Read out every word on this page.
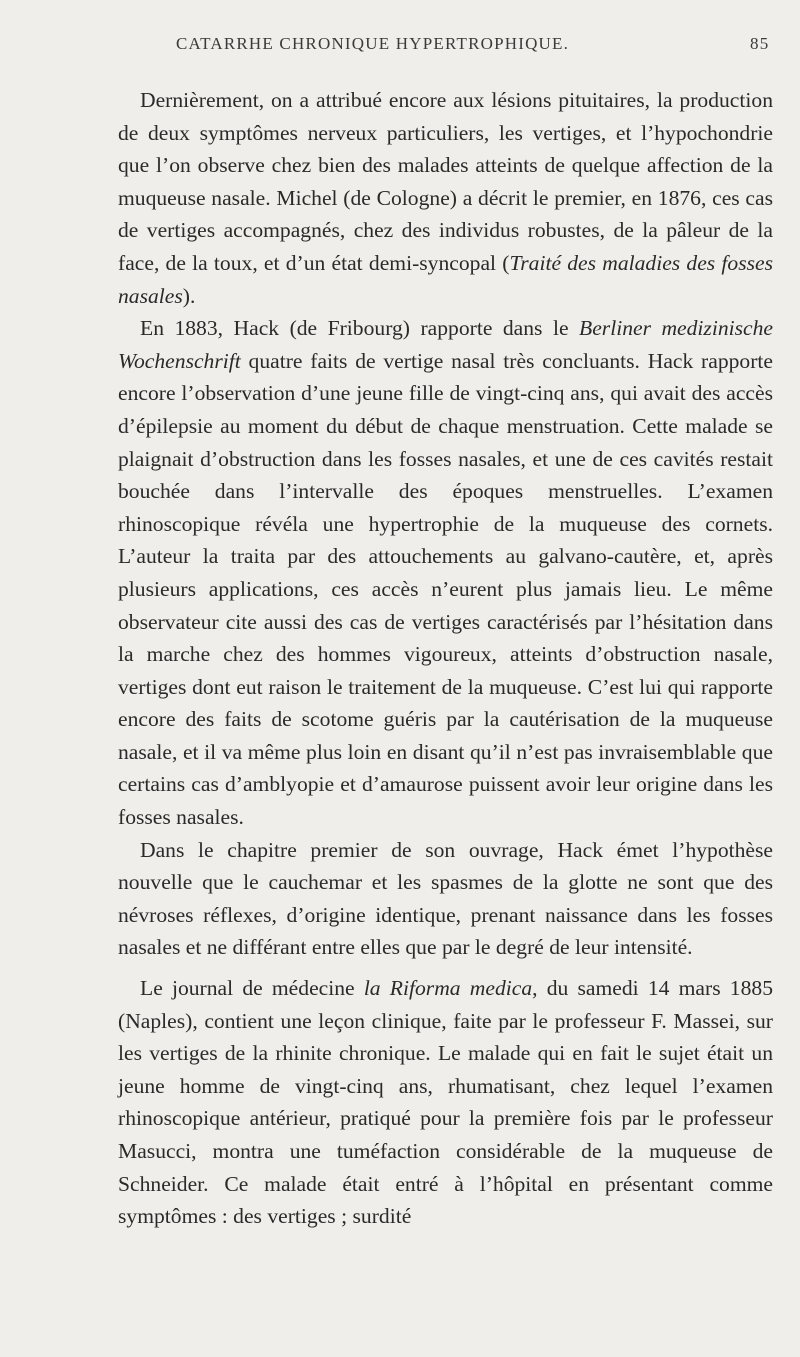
CATARRHE CHRONIQUE HYPERTROPHIQUE.	85

Dernièrement, on a attribué encore aux lésions pituitaires, la production de deux symptômes nerveux particuliers, les vertiges, et l’hypochondrie que l’on observe chez bien des malades atteints de quelque affection de la muqueuse nasale. Michel (de Cologne) a décrit le premier, en 1876, ces cas de vertiges accompagnés, chez des individus robustes, de la pâleur de la face, de la toux, et d’un état demi-syncopal (Traité des maladies des fosses nasales).

En 1883, Hack (de Fribourg) rapporte dans le Berliner medizinische Wochenschrift quatre faits de vertige nasal très concluants. Hack rapporte encore l’observation d’une jeune fille de vingt-cinq ans, qui avait des accès d’épilepsie au moment du début de chaque menstruation. Cette malade se plaignait d’obstruction dans les fosses nasales, et une de ces cavités restait bouchée dans l’intervalle des époques menstruelles. L’examen rhinoscopique révéla une hypertrophie de la muqueuse des cornets. L’auteur la traita par des attouchements au galvano-cautère, et, après plusieurs applications, ces accès n’eurent plus jamais lieu. Le même observateur cite aussi des cas de vertiges caractérisés par l’hésitation dans la marche chez des hommes vigoureux, atteints d’obstruction nasale, vertiges dont eut raison le traitement de la muqueuse. C’est lui qui rapporte encore des faits de scotome guéris par la cautérisation de la muqueuse nasale, et il va même plus loin en disant qu’il n’est pas invraisemblable que certains cas d’amblyopie et d’amaurose puissent avoir leur origine dans les fosses nasales.

Dans le chapitre premier de son ouvrage, Hack émet l’hypothèse nouvelle que le cauchemar et les spasmes de la glotte ne sont que des névroses réflexes, d’origine identique, prenant naissance dans les fosses nasales et ne différant entre elles que par le degré de leur intensité.

Le journal de médecine la Riforma medica, du samedi 14 mars 1885 (Naples), contient une leçon clinique, faite par le professeur F. Massei, sur les vertiges de la rhinite chronique. Le malade qui en fait le sujet était un jeune homme de vingt-cinq ans, rhumatisant, chez lequel l’examen rhinoscopique antérieur, pratiqué pour la première fois par le professeur Masucci, montra une tuméfaction considérable de la muqueuse de Schneider. Ce malade était entré à l’hôpital en présentant comme symptômes : des vertiges ; surdité
